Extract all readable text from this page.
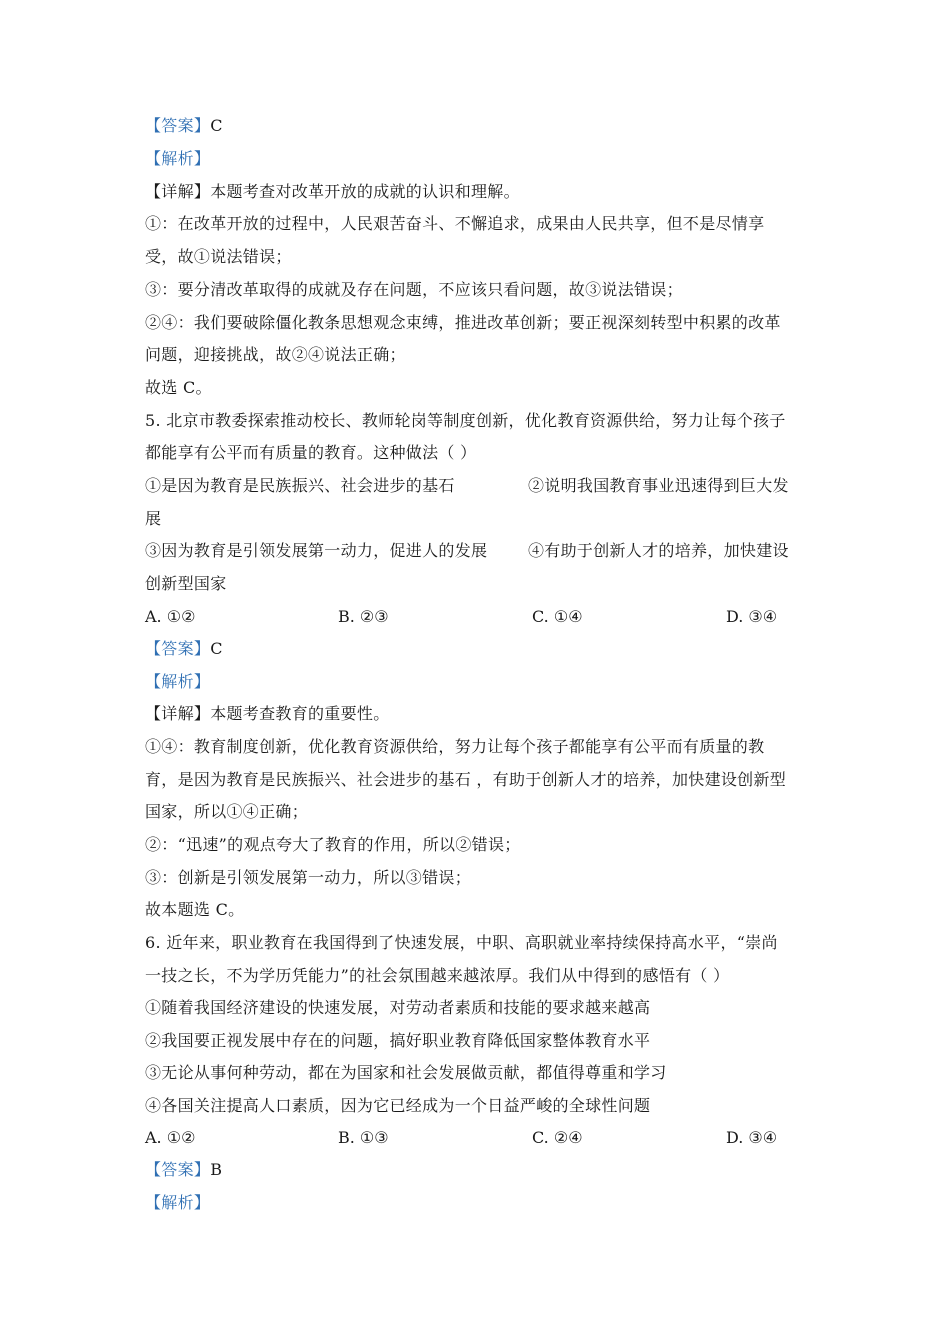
【答案】C
【解析】
【详解】本题考查对改革开放的成就的认识和理解。
①：在改革开放的过程中，人民艰苦奋斗、不懈追求，成果由人民共享，但不是尽情享
受，故①说法错误；
③：要分清改革取得的成就及存在问题，不应该只看问题，故③说法错误；
②④：我们要破除僵化教条思想观念束缚，推进改革创新；要正视深刻转型中积累的改革
问题，迎接挑战，故②④说法正确；
故选 C。
5. 北京市教委探索推动校长、教师轮岗等制度创新，优化教育资源供给，努力让每个孩子
都能享有公平而有质量的教育。这种做法（ ）
①是因为教育是民族振兴、社会进步的基石	②说明我国教育事业迅速得到巨大发
展
③因为教育是引领发展第一动力，促进人的发展	④有助于创新人才的培养，加快建设
创新型国家
A. ①②	B. ②③	C. ①④	D. ③④
【答案】C
【解析】
【详解】本题考查教育的重要性。
①④：教育制度创新，优化教育资源供给，努力让每个孩子都能享有公平而有质量的教
育，是因为教育是民族振兴、社会进步的基石 ，有助于创新人才的培养，加快建设创新型
国家，所以①④正确；
②：“迅速”的观点夸大了教育的作用，所以②错误；
③：创新是引领发展第一动力，所以③错误；
故本题选 C。
6. 近年来，职业教育在我国得到了快速发展，中职、高职就业率持续保持高水平，“崇尚
一技之长，不为学历凭能力”的社会氛围越来越浓厚。我们从中得到的感悟有（ ）
①随着我国经济建设的快速发展，对劳动者素质和技能的要求越来越高
②我国要正视发展中存在的问题，搞好职业教育降低国家整体教育水平
③无论从事何种劳动，都在为国家和社会发展做贡献，都值得尊重和学习
④各国关注提高人口素质，因为它已经成为一个日益严峻的全球性问题
A. ①②	B. ①③	C. ②④	D. ③④
【答案】B
【解析】
